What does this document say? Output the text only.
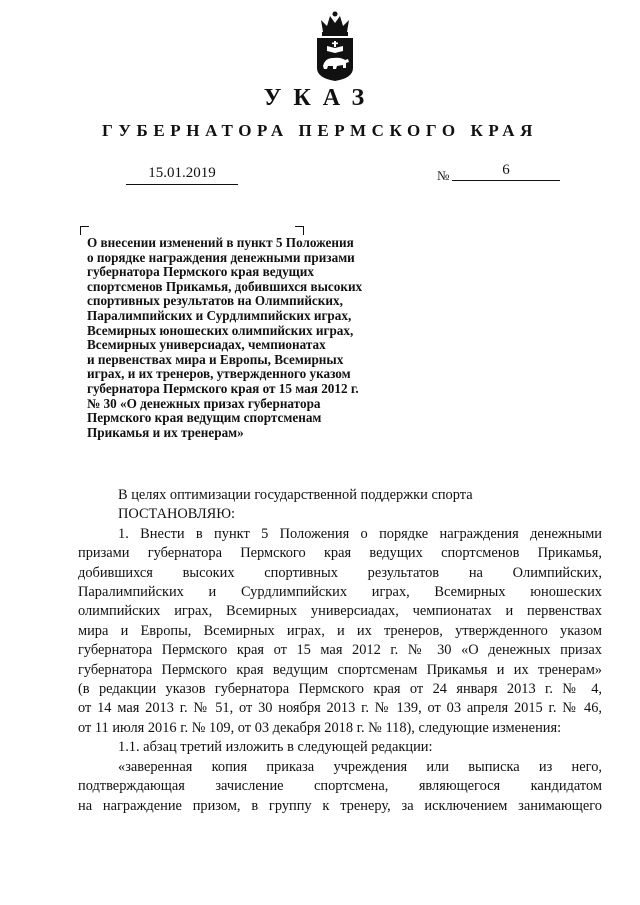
УКАЗ
ГУБЕРНАТОРА ПЕРМСКОГО КРАЯ
15.01.2019	№	6

О внесении изменений в пункт 5 Положения
о порядке награждения денежными призами
губернатора Пермского края ведущих
спортсменов Прикамья, добившихся высоких
спортивных результатов на Олимпийских,
Паралимпийских и Сурдлимпийских играх,
Всемирных юношеских олимпийских играх,
Всемирных универсиадах, чемпионатах
и первенствах мира и Европы, Всемирных
играх, и их тренеров, утвержденного указом
губернатора Пермского края от 15 мая 2012 г.
№ 30 «О денежных призах губернатора
Пермского края ведущим спортсменам
Прикамья и их тренерам»

В целях оптимизации государственной поддержки спорта

ПОСТАНОВЛЯЮ:

1. Внести в пункт 5 Положения о порядке награждения денежными

призами губернатора Пермского края ведущих спортсменов Прикамья,

добившихся высоких спортивных результатов на Олимпийских,

Паралимпийских и Сурдлимпийских играх, Всемирных юношеских

олимпийских играх, Всемирных универсиадах, чемпионатах и первенствах

мира и Европы, Всемирных играх, и их тренеров, утвержденного указом

губернатора Пермского края от 15 мая 2012 г. № 30 «О денежных призах

губернатора Пермского края ведущим спортсменам Прикамья и их тренерам»

(в редакции указов губернатора Пермского края от 24 января 2013 г. № 4,

от 14 мая 2013 г. № 51, от 30 ноября 2013 г. № 139, от 03 апреля 2015 г. № 46,

от 11 июля 2016 г. № 109, от 03 декабря 2018 г. № 118), следующие изменения:

1.1. абзац третий изложить в следующей редакции:

«заверенная копия приказа учреждения или выписка из него,

подтверждающая зачисление спортсмена, являющегося кандидатом

на награждение призом, в группу к тренеру, за исключением занимающего
